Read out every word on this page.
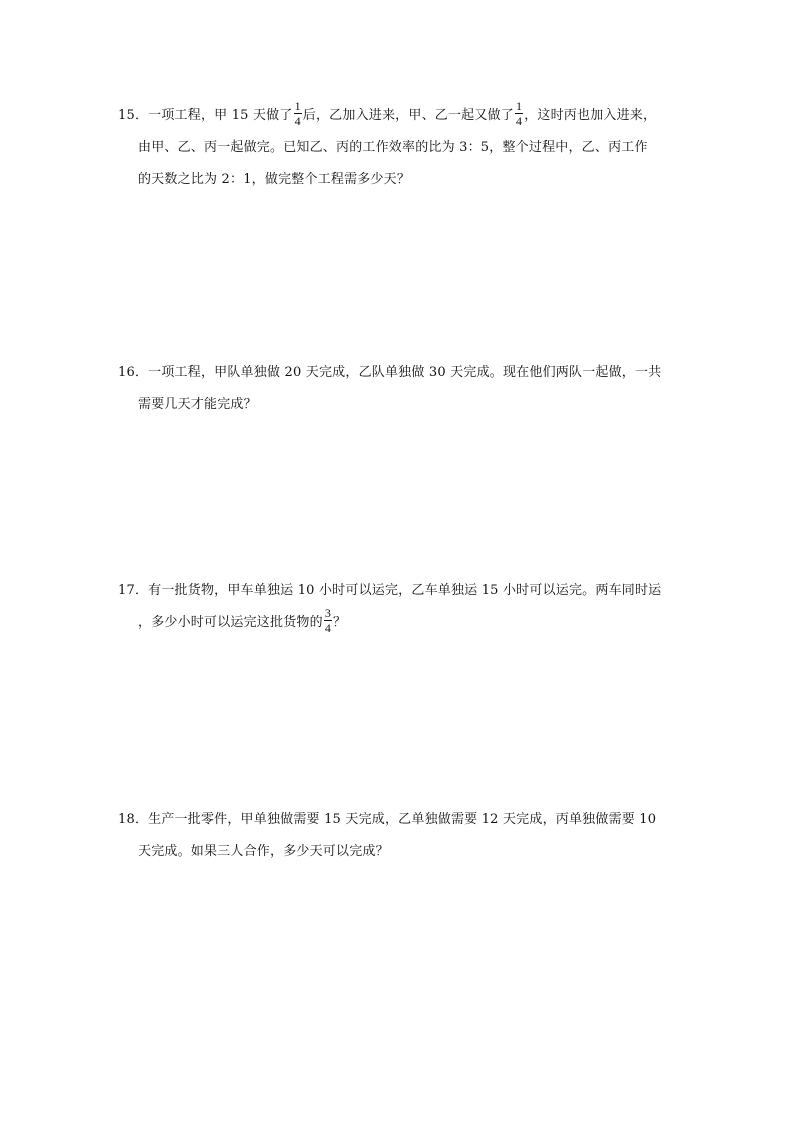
15．一项工程，甲 15 天做了 $\frac{1}{4}$ 后，乙加入进来，甲、乙一起又做了 $\frac{1}{4}$ ，这时丙也加入进来，
由甲、乙、丙一起做完。已知乙、丙的工作效率的比为 3：5，整个过程中，乙、丙工作
的天数之比为 2：1，做完整个工程需多少天？
16．一项工程，甲队单独做 20 天完成，乙队单独做 30 天完成。现在他们两队一起做，一共
需要几天才能完成？
17．有一批货物，甲车单独运 10 小时可以运完，乙车单独运 15 小时可以运完。两车同时运
，多少小时可以运完这批货物的 $\frac{3}{4}$ ？
18．生产一批零件，甲单独做需要 15 天完成，乙单独做需要 12 天完成，丙单独做需要 10
天完成。如果三人合作，多少天可以完成？
